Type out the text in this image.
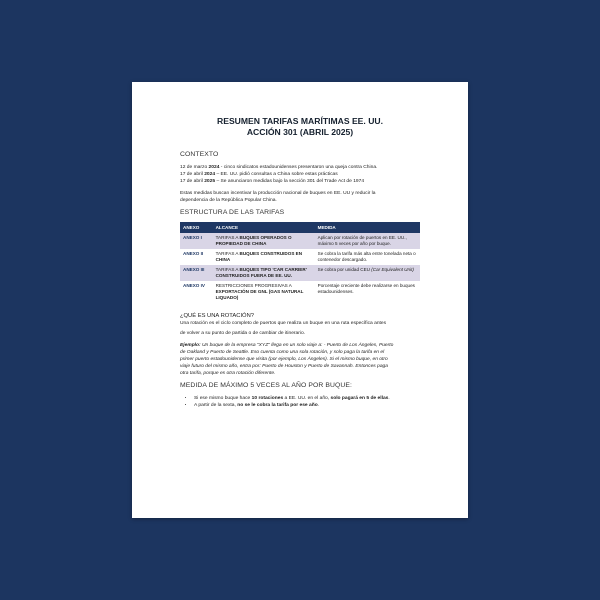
RESUMEN TARIFAS MARÍTIMAS EE. UU.
ACCIÓN 301 (ABRIL 2025)
CONTEXTO
12 de marzo 2024 - cinco sindicatos estadounidenses presentaron una queja contra China.
17 de abril 2024 – EE. UU. pidió consultas a China sobre estas prácticas
17 de abril 2025 – Se anunciaron medidas bajo la sección 301 del Trade Act de 1974
Estas medidas buscan incentivar la producción nacional de buques en EE. UU y reducir la
dependencia de la República Popular China.
ESTRUCTURA DE LAS TARIFAS
ANEXO	ALCANCE	MEDIDA
ANEXO I	TARIFAS A BUQUES OPERADOS O PROPIEDAD DE CHINA	Aplican por rotación de puertos en EE. UU., máximo 5 veces por año por buque.
ANEXO II	TARIFAS A BUQUES CONSTRUIDOS EN CHINA	Se cobra la tarifa más alta entre tonelada neta o contenedor descargado.
ANEXO III	TARIFAS A BUQUES TIPO 'CAR CARRIER' CONSTRUIDOS FUERA DE EE. UU.	Se cobra por unidad CEU (Car Equivalent Unit)
ANEXO IV	RESTRICCIONES PROGRESIVAS A EXPORTACIÓN DE GNL (GAS NATURAL LIQUADO)	Porcentaje creciente debe realizarse en buques estadounidenses.
¿QUÉ ES UNA ROTACIÓN?
Una rotación es el ciclo completo de puertos que realiza un buque en una ruta específica antes
de volver a su punto de partida o de cambiar de itinerario.
Ejemplo: Un buque de la empresa "XYZ" llega en un solo viaje a: - Puerto de Los Ángeles, Puerto
de Oakland y Puerto de Seattle. Eso cuenta como una sola rotación, y solo paga la tarifa en el
primer puerto estadounidense que visita (por ejemplo, Los Ángeles). Si el mismo buque, en otro
viaje futuro del mismo año, entra por: Puerto de Houston y Puerto de Savannah. Entonces paga
otra tarifa, porque es otra rotación diferente.
MEDIDA DE MÁXIMO 5 VECES AL AÑO POR BUQUE:
• Si ese mismo buque hace 10 rotaciones a EE. UU. en el año, solo pagará en 5 de ellas.
• A partir de la sexta, no se le cobra la tarifa por ese año.
